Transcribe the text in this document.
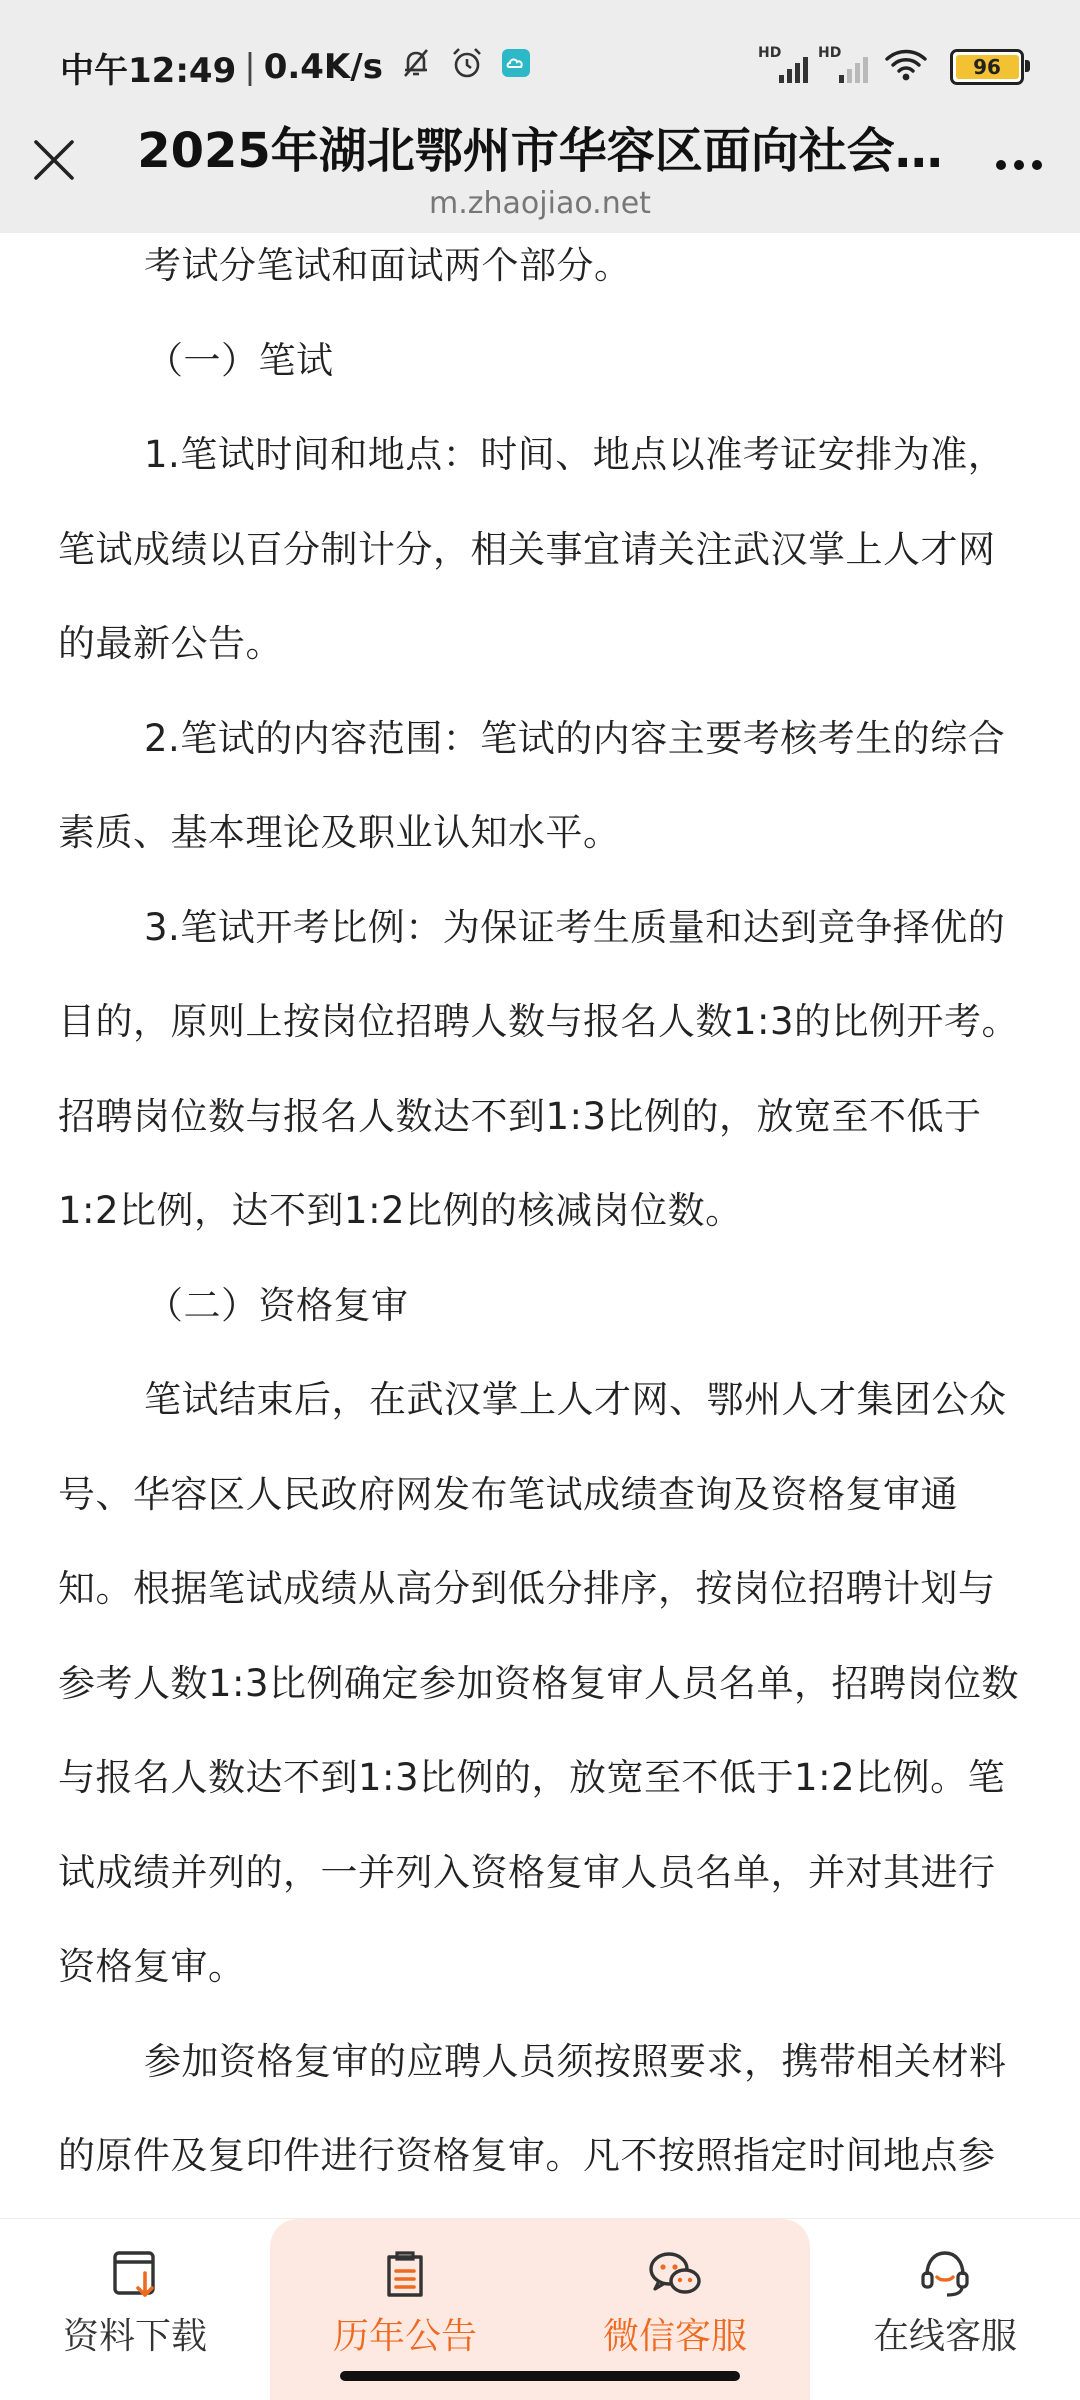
中午12:49 | 0.4K/s	HD	HD
96
2025年湖北鄂州市华容区面向社会…
m.zhaojiao.net

考试分笔试和面试两个部分。

（一）笔试

1.笔试时间和地点：时间、地点以准考证安排为准，笔试成绩以百分制计分，相关事宜请关注武汉掌上人才网的最新公告。

2.笔试的内容范围：笔试的内容主要考核考生的综合素质、基本理论及职业认知水平。

3.笔试开考比例：为保证考生质量和达到竞争择优的目的，原则上按岗位招聘人数与报名人数1:3的比例开考。招聘岗位数与报名人数达不到1:3比例的，放宽至不低于1:2比例，达不到1:2比例的核减岗位数。

（二）资格复审

笔试结束后，在武汉掌上人才网、鄂州人才集团公众号、华容区人民政府网发布笔试成绩查询及资格复审通知。根据笔试成绩从高分到低分排序，按岗位招聘计划与参考人数1:3比例确定参加资格复审人员名单，招聘岗位数与报名人数达不到1:3比例的，放宽至不低于1:2比例。笔试成绩并列的，一并列入资格复审人员名单，并对其进行资格复审。

参加资格复审的应聘人员须按照要求，携带相关材料的原件及复印件进行资格复审。凡不按照指定时间地点参

资料下载	历年公告	微信客服	在线客服
